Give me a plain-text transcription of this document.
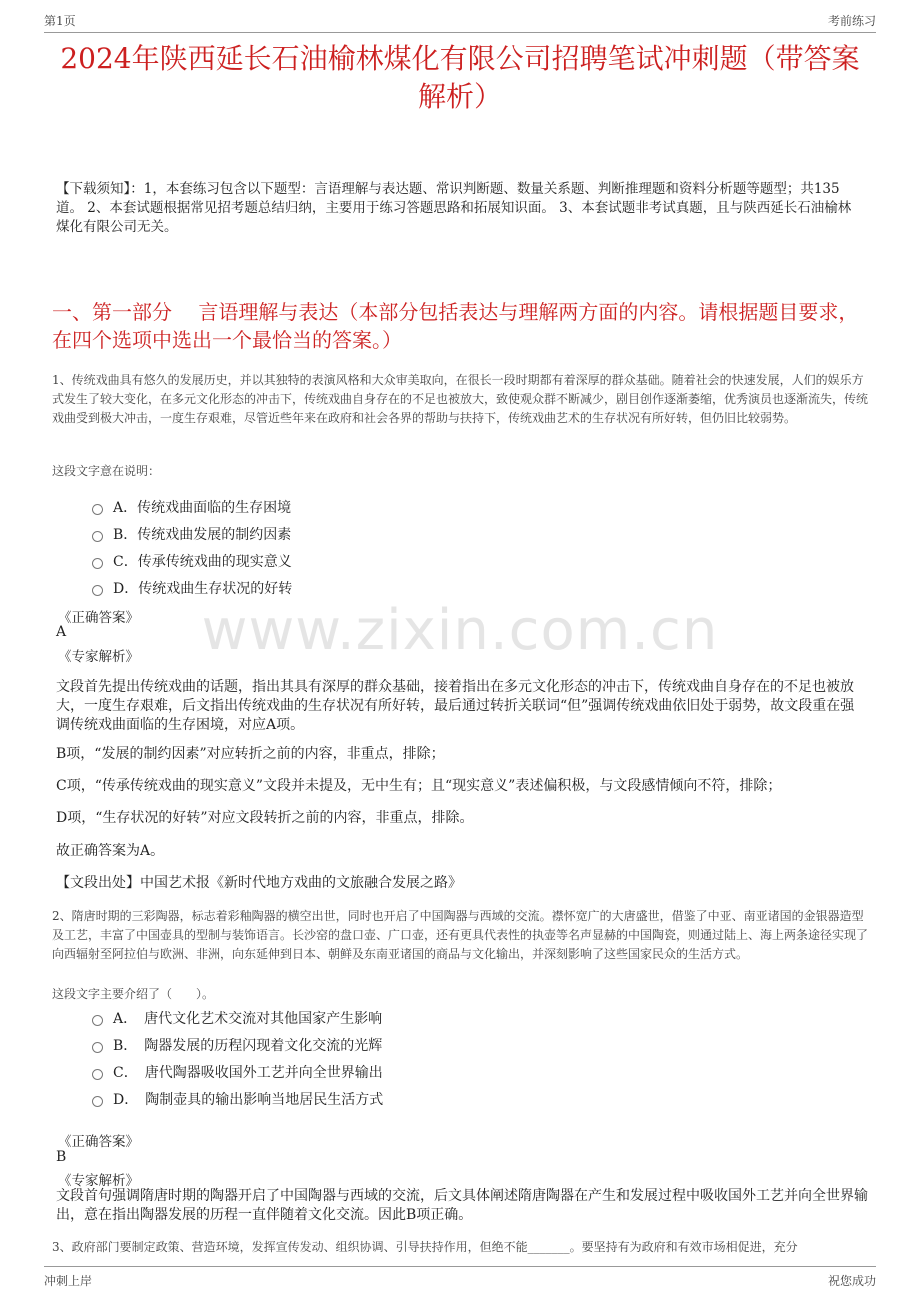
第1页	考前练习
2024年陕西延长石油榆林煤化有限公司招聘笔试冲刺题（带答案解析）
【下载须知】：1，本套练习包含以下题型：言语理解与表达题、常识判断题、数量关系题、判断推理题和资料分析题等题型；共135道。 2、本套试题根据常见招考题总结归纳，主要用于练习答题思路和拓展知识面。 3、本套试题非考试真题，且与陕西延长石油榆林煤化有限公司无关。
一、第一部分　 言语理解与表达（本部分包括表达与理解两方面的内容。请根据题目要求，在四个选项中选出一个最恰当的答案。）
1、传统戏曲具有悠久的发展历史，并以其独特的表演风格和大众审美取向，在很长一段时期都有着深厚的群众基础。随着社会的快速发展，人们的娱乐方式发生了较大变化，在多元文化形态的冲击下，传统戏曲自身存在的不足也被放大，致使观众群不断减少，剧目创作逐渐萎缩，优秀演员也逐渐流失，传统戏曲受到极大冲击，一度生存艰难，尽管近些年来在政府和社会各界的帮助与扶持下，传统戏曲艺术的生存状况有所好转，但仍旧比较弱势。
这段文字意在说明：
A．传统戏曲面临的生存困境
B．传统戏曲发展的制约因素
C．传承传统戏曲的现实意义
D．传统戏曲生存状况的好转
《正确答案》
A
《专家解析》
文段首先提出传统戏曲的话题，指出其具有深厚的群众基础，接着指出在多元文化形态的冲击下，传统戏曲自身存在的不足也被放大，一度生存艰难，后文指出传统戏曲的生存状况有所好转，最后通过转折关联词“但”强调传统戏曲依旧处于弱势，故文段重在强调传统戏曲面临的生存困境，对应A项。
B项，“发展的制约因素”对应转折之前的内容，非重点，排除；
C项，“传承传统戏曲的现实意义”文段并未提及，无中生有；且“现实意义”表述偏积极，与文段感情倾向不符，排除；
D项，“生存状况的好转”对应文段转折之前的内容，非重点，排除。
故正确答案为A。
【文段出处】中国艺术报《新时代地方戏曲的文旅融合发展之路》
2、隋唐时期的三彩陶器，标志着彩釉陶器的横空出世，同时也开启了中国陶器与西域的交流。襟怀宽广的大唐盛世，借鉴了中亚、南亚诸国的金银器造型及工艺，丰富了中国壶具的型制与装饰语言。长沙窑的盘口壶、广口壶，还有更具代表性的执壶等名声显赫的中国陶瓷，则通过陆上、海上两条途径实现了向西辐射至阿拉伯与欧洲、非洲，向东延伸到日本、朝鲜及东南亚诸国的商品与文化输出，并深刻影响了这些国家民众的生活方式。
这段文字主要介绍了（　　）。
A．　唐代文化艺术交流对其他国家产生影响
B．　陶器发展的历程闪现着文化交流的光辉
C．　唐代陶器吸收国外工艺并向全世界输出
D．　陶制壶具的输出影响当地居民生活方式
《正确答案》
B
《专家解析》
文段首句强调隋唐时期的陶器开启了中国陶器与西域的交流，后文具体阐述隋唐陶器在产生和发展过程中吸收国外工艺并向全世界输出，意在指出陶器发展的历程一直伴随着文化交流。因此B项正确。
3、政府部门要制定政策、营造环境，发挥宣传发动、组织协调、引导扶持作用，但绝不能_______。要坚持有为政府和有效市场相促进，充分
www.zixin.com.cn
冲刺上岸	祝您成功
